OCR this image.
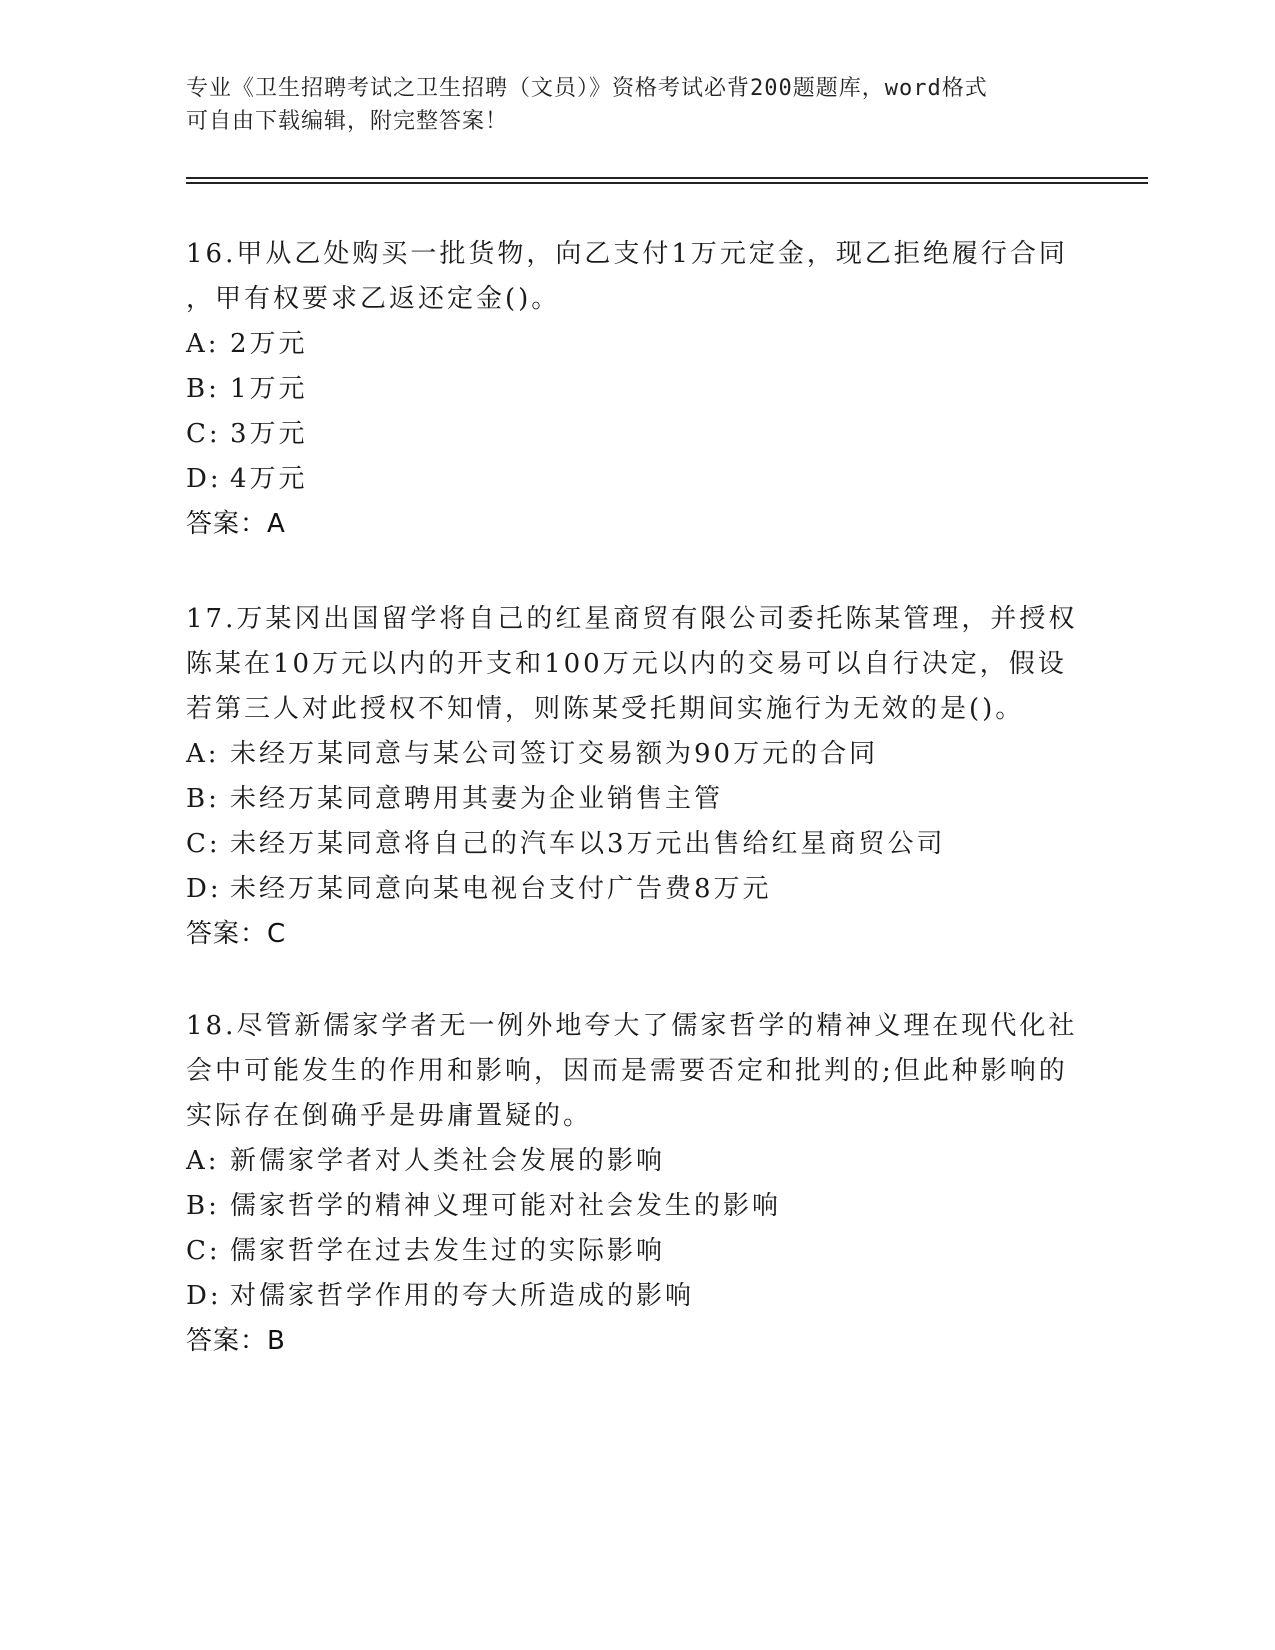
专业《卫生招聘考试之卫生招聘（文员）》资格考试必背200题题库，word格式
可自由下载编辑，附完整答案！
16.甲从乙处购买一批货物，向乙支付1万元定金，现乙拒绝履行合同
，甲有权要求乙返还定金()。
A: 2万元
B: 1万元
C: 3万元
D: 4万元
答案：A
17.万某冈出国留学将自己的红星商贸有限公司委托陈某管理，并授权
陈某在10万元以内的开支和100万元以内的交易可以自行决定，假设
若第三人对此授权不知情，则陈某受托期间实施行为无效的是()。
A: 未经万某同意与某公司签订交易额为90万元的合同
B: 未经万某同意聘用其妻为企业销售主管
C: 未经万某同意将自己的汽车以3万元出售给红星商贸公司
D: 未经万某同意向某电视台支付广告费8万元
答案：C
18.尽管新儒家学者无一例外地夸大了儒家哲学的精神义理在现代化社
会中可能发生的作用和影响，因而是需要否定和批判的;但此种影响的
实际存在倒确乎是毋庸置疑的。
A: 新儒家学者对人类社会发展的影响
B: 儒家哲学的精神义理可能对社会发生的影响
C: 儒家哲学在过去发生过的实际影响
D: 对儒家哲学作用的夸大所造成的影响
答案：B
